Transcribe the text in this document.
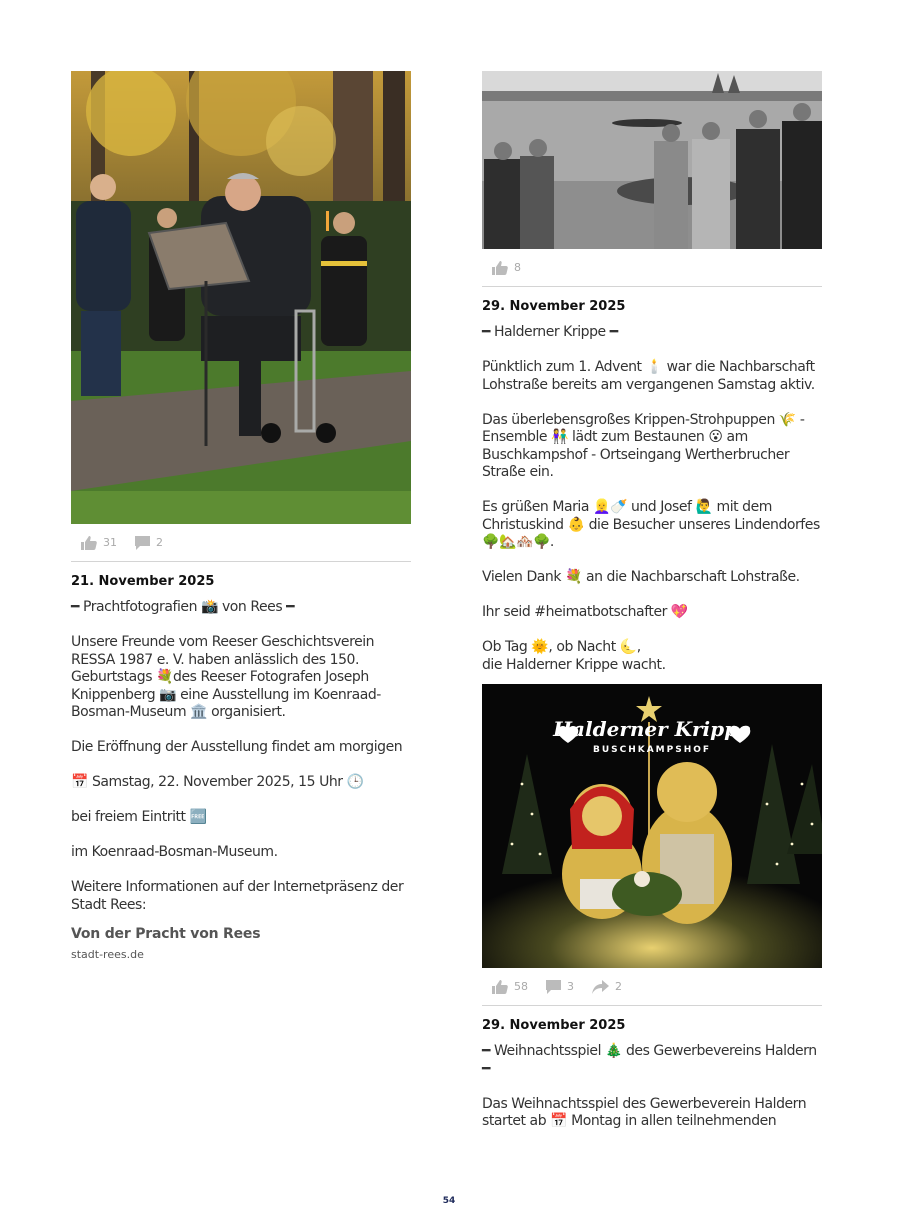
31	2
21. November 2025

━ Prachtfotografien 📸 von Rees ━

Unsere Freunde vom Reeser Geschichtsverein RESSA 1987 e. V. haben anlässlich des 150. Geburtstags 💐des Reeser Fotografen Joseph Knippenberg 📷 eine Ausstellung im Koenraad-Bosman-Museum 🏛️ organisiert.

Die Eröffnung der Ausstellung findet am morgigen

📅 Samstag, 22. November 2025, 15 Uhr 🕒

bei freiem Eintritt 🆓

im Koenraad-Bosman-Museum.

Weitere Informationen auf der Internetpräsenz der Stadt Rees:

Von der Pracht von Rees
stadt-rees.de
8
29. November 2025

━ Halderner Krippe ━

Pünktlich zum 1. Advent 🕯️ war die Nachbarschaft Lohstraße bereits am vergangenen Samstag aktiv.

Das überlebensgroßes Krippen-Strohpuppen 🌾 - Ensemble 👫 lädt zum Bestaunen 😮 am Buschkampshof - Ortseingang Wertherbrucher Straße ein.

Es grüßen Maria 👱‍♀️🍼 und Josef 🙋‍♂️ mit dem Christuskind 👶 die Besucher unseres Lindendorfes 🌳🏡🏘️🌳.

Vielen Dank 💐 an die Nachbarschaft Lohstraße.

Ihr seid #heimatbotschafter 💖

Ob Tag 🌞, ob Nacht 🌜,
die Halderner Krippe wacht.

Halderner Krippe
BUSCHKAMPSHOF
58	3	2
29. November 2025

━ Weihnachtsspiel 🎄 des Gewerbevereins Haldern ━

Das Weihnachtsspiel des Gewerbeverein Haldern startet ab 📅 Montag in allen teilnehmenden

54
